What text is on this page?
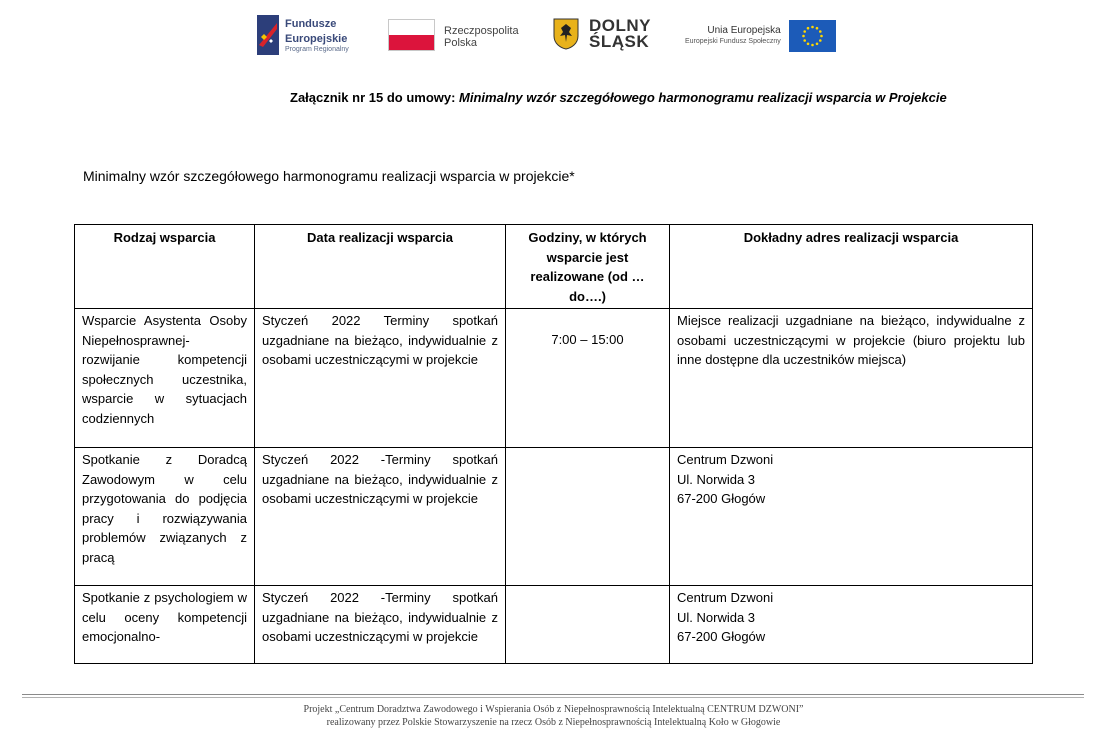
Fundusze
Europejskie
Program Regionalny
Rzeczpospolita
Polska
DOLNY
ŚLĄSK
Unia Europejska
Europejski Fundusz Społeczny
Załącznik nr 15 do umowy: Minimalny wzór szczegółowego harmonogramu realizacji wsparcia w Projekcie
Minimalny wzór szczegółowego harmonogramu realizacji wsparcia w projekcie*
Rodzaj wsparcia	Data realizacji wsparcia	Godziny, w których wsparcie jest realizowane (od … do….)	Dokładny adres realizacji wsparcia
Wsparcie Asystenta Osoby Niepełnosprawnej- rozwijanie kompetencji społecznych uczestnika, wsparcie w sytuacjach codziennych	Styczeń 2022 Terminy spotkań uzgadniane na bieżąco, indywidualnie z osobami uczestniczącymi w projekcie	7:00 – 15:00	Miejsce realizacji uzgadniane na bieżąco, indywidualne z osobami uczestniczącymi w projekcie (biuro projektu lub inne dostępne dla uczestników miejsca)
Spotkanie z Doradcą Zawodowym w celu przygotowania do podjęcia pracy i rozwiązywania problemów związanych z pracą	Styczeń 2022 -Terminy spotkań uzgadniane na bieżąco, indywidualnie z osobami uczestniczącymi w projekcie		Centrum Dzwoni
Ul. Norwida 3
67-200 Głogów

Spotkanie z psychologiem w celu oceny kompetencji emocjonalno-	Styczeń 2022 -Terminy spotkań uzgadniane na bieżąco, indywidualnie z osobami uczestniczącymi w projekcie		Centrum Dzwoni
Ul. Norwida 3
67-200 Głogów
Projekt „Centrum Doradztwa Zawodowego i Wspierania Osób z Niepełnosprawnością Intelektualną CENTRUM DZWONI”
realizowany przez Polskie Stowarzyszenie na rzecz Osób z Niepełnosprawnością Intelektualną Koło w Głogowie
